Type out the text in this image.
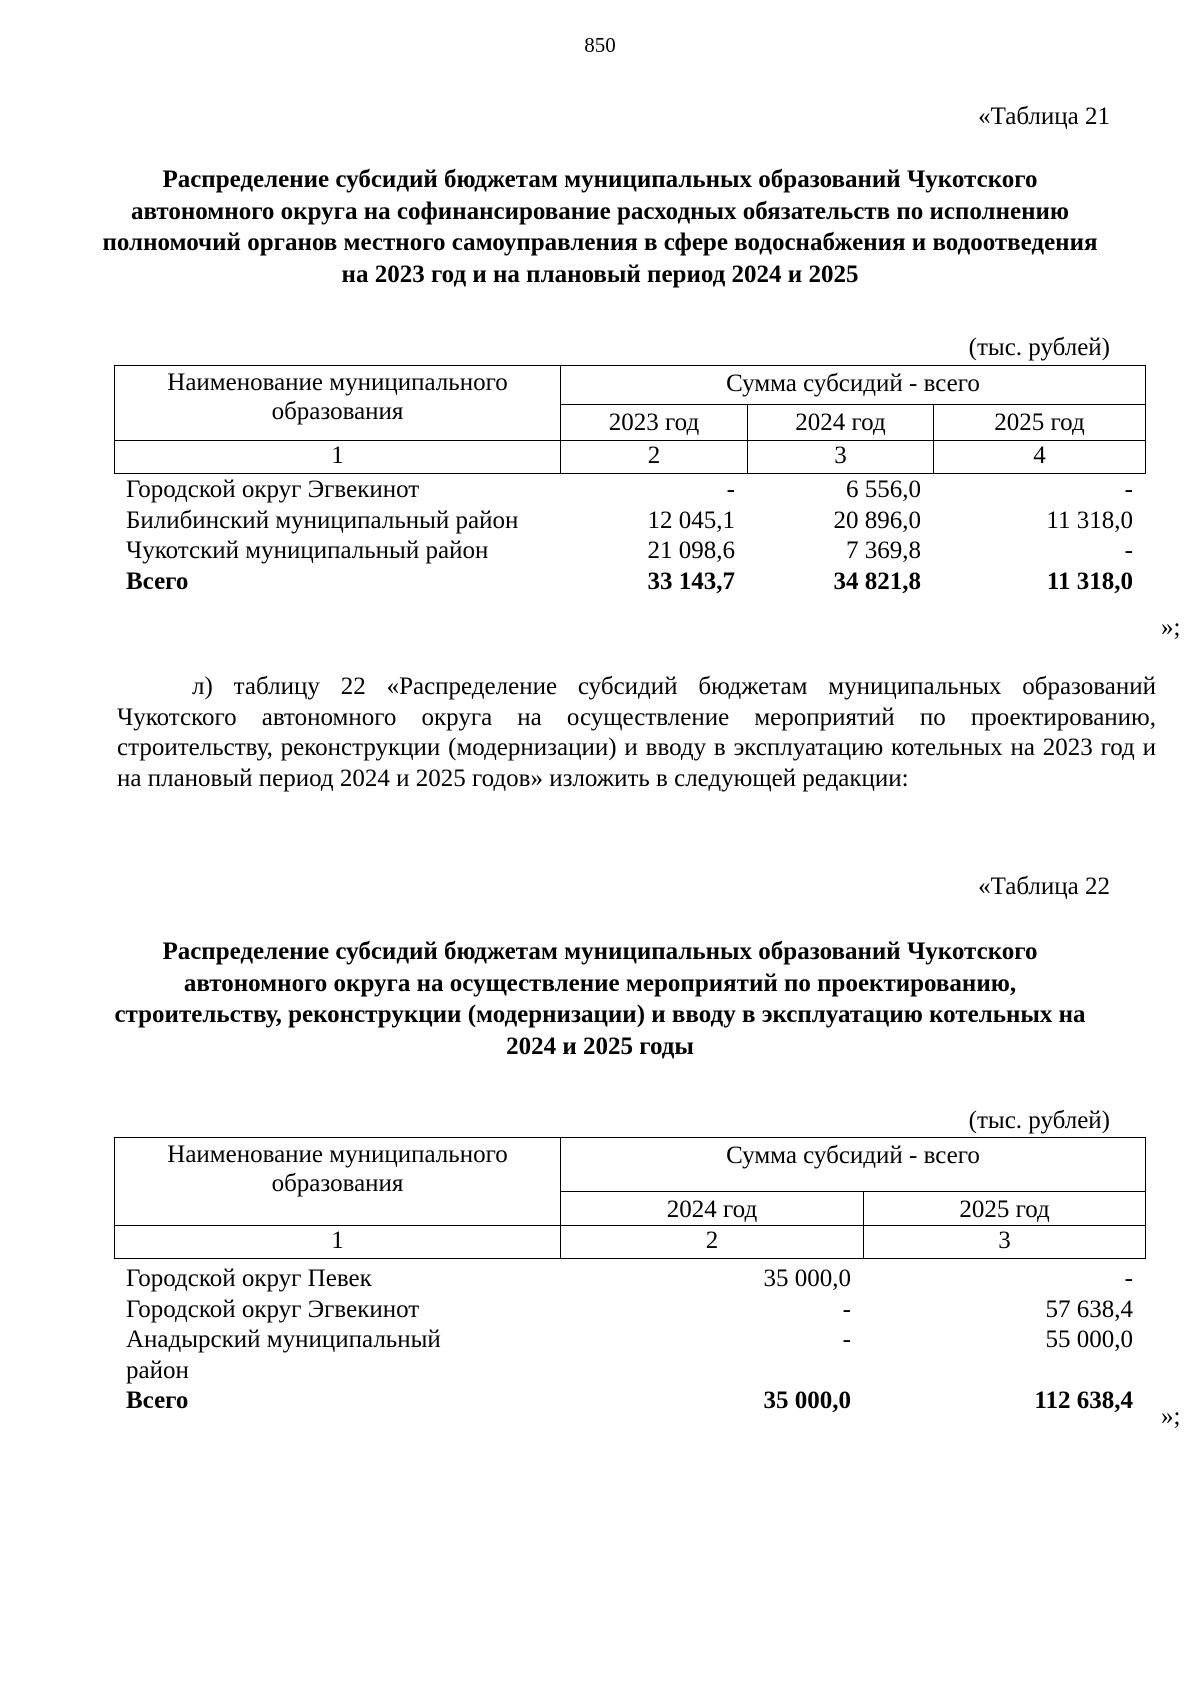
850
«Таблица 21
Распределение субсидий бюджетам муниципальных образований Чукотского автономного округа на софинансирование расходных обязательств по исполнению полномочий органов местного самоуправления в сфере водоснабжения и водоотведения на 2023 год и на плановый период 2024 и 2025
(тыс. рублей)
Наименование муниципального образования	Сумма субсидий - всего		
	2023 год	2024 год	2025 год
1	2	3	4
Городской округ Эгвекинот	-	6 556,0	-
Билибинский муниципальный район	12 045,1	20 896,0	11 318,0
Чукотский муниципальный район	21 098,6	7 369,8	-
Всего	33 143,7	34 821,8	11 318,0
»;
л) таблицу 22 «Распределение субсидий бюджетам муниципальных образований Чукотского автономного округа на осуществление мероприятий по проектированию, строительству, реконструкции (модернизации) и вводу в эксплуатацию котельных на 2023 год и на плановый период 2024 и 2025 годов» изложить в следующей редакции:
«Таблица 22
Распределение субсидий бюджетам муниципальных образований Чукотского автономного округа на осуществление мероприятий по проектированию, строительству, реконструкции (модернизации) и вводу в эксплуатацию котельных на 2024 и 2025 годы
(тыс. рублей)
Наименование муниципального образования	Сумма субсидий - всего	
	2024 год	2025 год
1	2	3
Городской округ Певек	35 000,0	-
Городской округ Эгвекинот	-	57 638,4
Анадырский муниципальный район	-	55 000,0
Всего	35 000,0	112 638,4
»;
